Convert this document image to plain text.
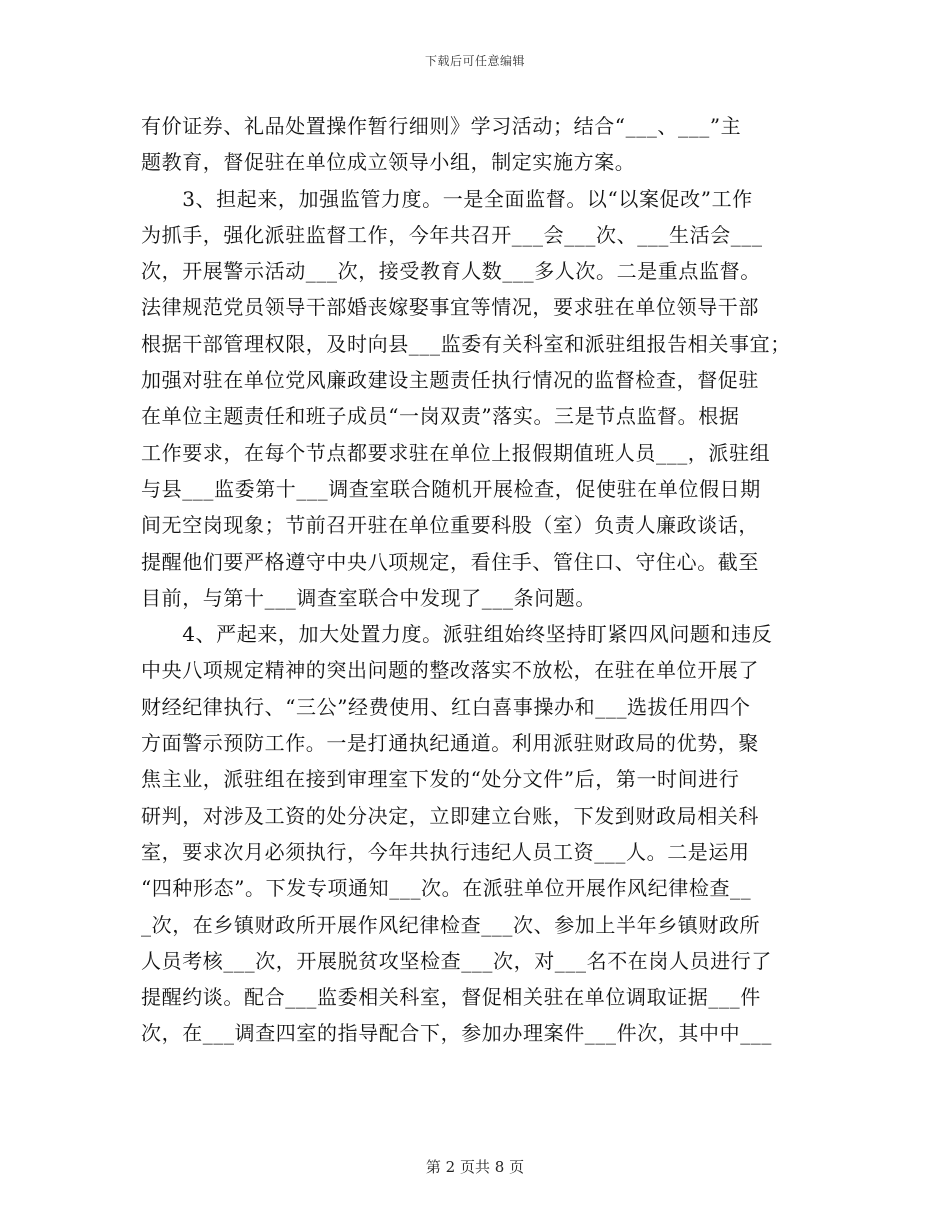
下载后可任意编辑
有价证券、礼品处置操作暂行细则》学习活动；结合“___、___”主
题教育，督促驻在单位成立领导小组，制定实施方案。
　　3、担起来，加强监管力度。一是全面监督。以“以案促改”工作
为抓手，强化派驻监督工作，今年共召开___会___次、___生活会___
次，开展警示活动___次，接受教育人数___多人次。二是重点监督。
法律规范党员领导干部婚丧嫁娶事宜等情况，要求驻在单位领导干部
根据干部管理权限，及时向县___监委有关科室和派驻组报告相关事宜；
加强对驻在单位党风廉政建设主题责任执行情况的监督检查，督促驻
在单位主题责任和班子成员“一岗双责”落实。三是节点监督。根据
工作要求，在每个节点都要求驻在单位上报假期值班人员___，派驻组
与县___监委第十___调查室联合随机开展检查，促使驻在单位假日期
间无空岗现象；节前召开驻在单位重要科股（室）负责人廉政谈话，
提醒他们要严格遵守中央八项规定，看住手、管住口、守住心。截至
目前，与第十___调查室联合中发现了___条问题。
　　4、严起来，加大处置力度。派驻组始终坚持盯紧四风问题和违反
中央八项规定精神的突出问题的整改落实不放松，在驻在单位开展了
财经纪律执行、“三公”经费使用、红白喜事操办和___选拔任用四个
方面警示预防工作。一是打通执纪通道。利用派驻财政局的优势，聚
焦主业，派驻组在接到审理室下发的“处分文件”后，第一时间进行
研判，对涉及工资的处分决定，立即建立台账，下发到财政局相关科
室，要求次月必须执行，今年共执行违纪人员工资___人。二是运用
“四种形态”。下发专项通知___次。在派驻单位开展作风纪律检查__
_次，在乡镇财政所开展作风纪律检查___次、参加上半年乡镇财政所
人员考核___次，开展脱贫攻坚检查___次，对___名不在岗人员进行了
提醒约谈。配合___监委相关科室，督促相关驻在单位调取证据___件
次，在___调查四室的指导配合下，参加办理案件___件次，其中中___
第 2 页共 8 页
